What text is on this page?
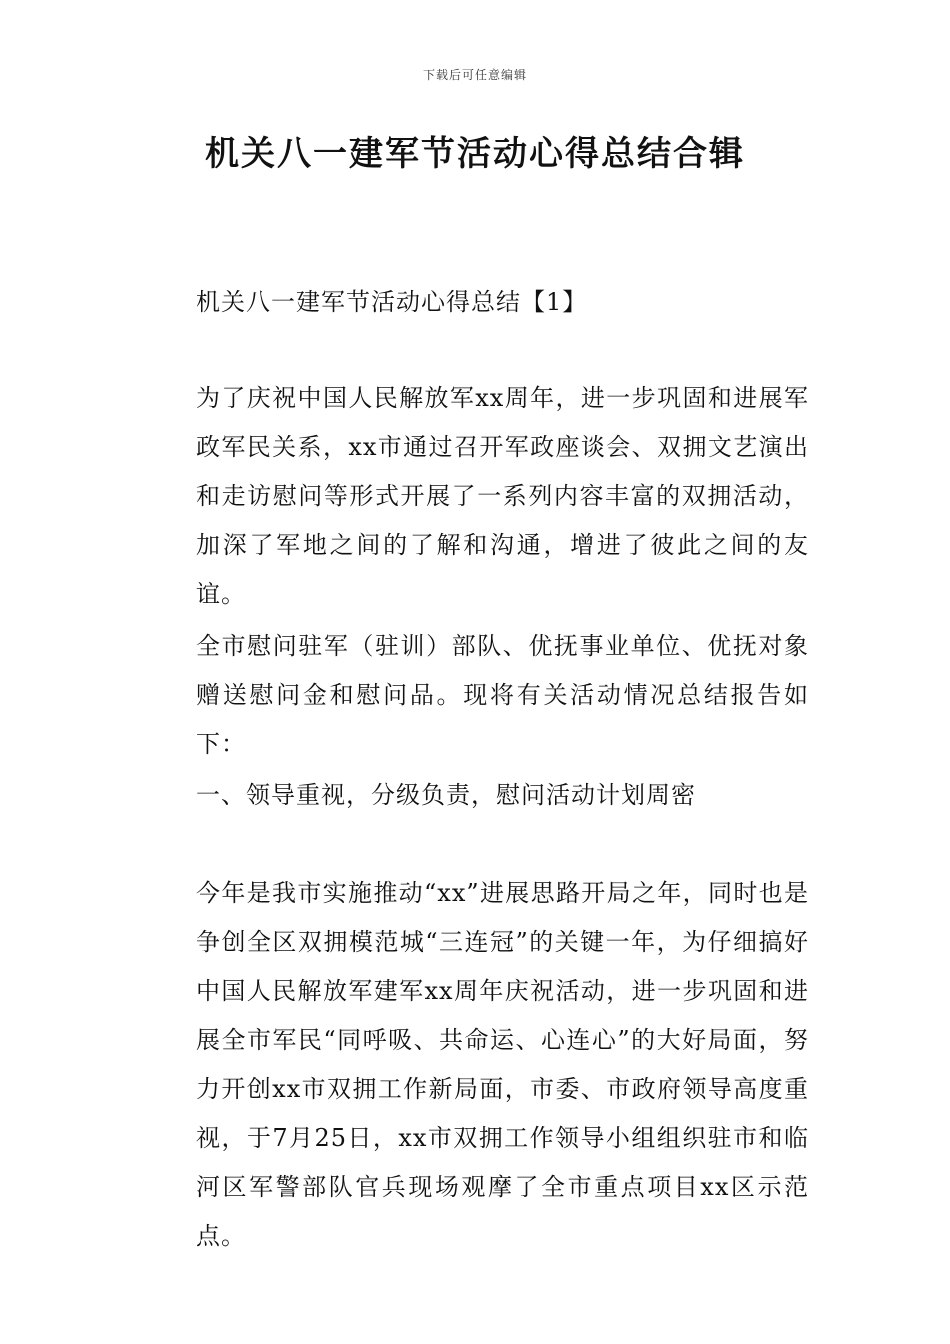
下载后可任意编辑
机关八一建军节活动心得总结合辑
机关八一建军节活动心得总结【1】
为了庆祝中国人民解放军xx周年，进一步巩固和进展军政军民关系，xx市通过召开军政座谈会、双拥文艺演出和走访慰问等形式开展了一系列内容丰富的双拥活动，加深了军地之间的了解和沟通，增进了彼此之间的友谊。
全市慰问驻军（驻训）部队、优抚事业单位、优抚对象赠送慰问金和慰问品。现将有关活动情况总结报告如下：
一、领导重视，分级负责，慰问活动计划周密
今年是我市实施推动“xx”进展思路开局之年，同时也是争创全区双拥模范城“三连冠”的关键一年，为仔细搞好中国人民解放军建军xx周年庆祝活动，进一步巩固和进展全市军民“同呼吸、共命运、心连心”的大好局面，努力开创xx市双拥工作新局面，市委、市政府领导高度重视，于7月25日，xx市双拥工作领导小组组织驻市和临河区军警部队官兵现场观摩了全市重点项目xx区示范点。
